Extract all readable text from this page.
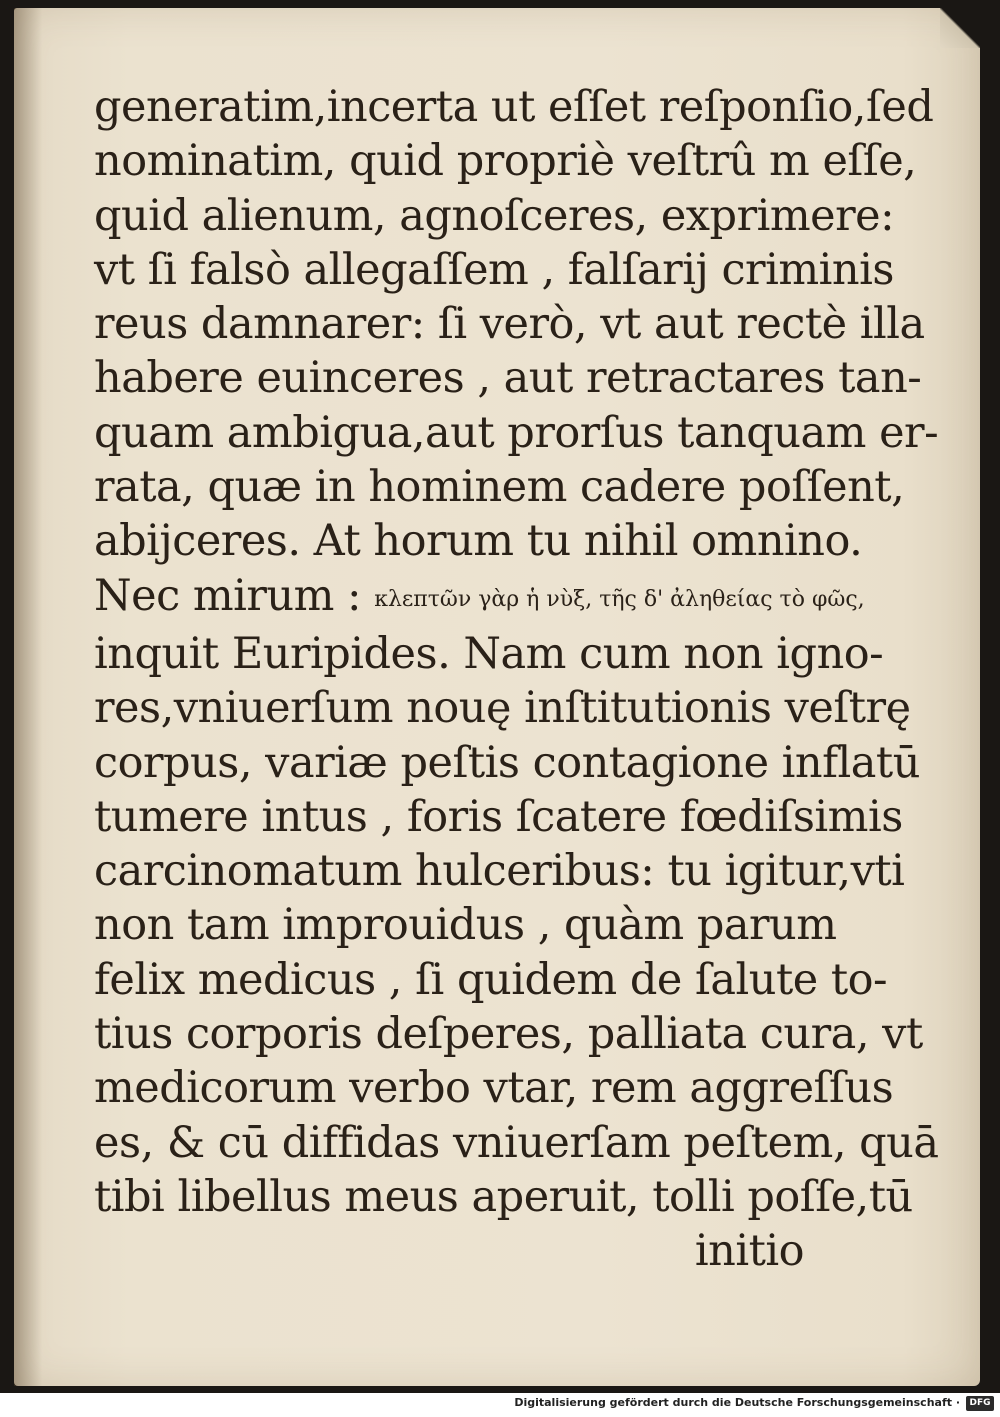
generatim,incerta ut eſſet reſponſio,ſed
nominatim, quid propriè veſtrû m eſſe,
quid alienum, agnoſceres, exprimere:
vt ſi falsò allegaſſem , falſarij criminis
reus damnarer: ſi verò, vt aut rectè illa
habere euinceres , aut retractares tan-
quam ambigua,aut prorſus tanquam er-
rata, quæ in hominem cadere poſſent,
abijceres. At horum tu nihil omnino.
Nec mirum : κλεπτῶν γὰρ ἡ νὺξ, τῆς δ' ἀληθείας τὸ φῶς,
inquit Euripides. Nam cum non igno-
res,vniuerſum nouę inſtitutionis veſtrę
corpus, variæ peſtis contagione inflatū
tumere intus , foris ſcatere fœdiſsimis
carcinomatum hulceribus: tu igitur,vti
non tam improuidus , quàm parum
felix medicus , ſi quidem de ſalute to-
tius corporis deſperes, palliata cura, vt
medicorum verbo vtar, rem aggreſſus
es, & cū diffidas vniuerſam peſtem, quā
tibi libellus meus aperuit, tolli poſſe,tū
initio
Digitalisierung gefördert durch die Deutsche Forschungsgemeinschaft ·	DFG
